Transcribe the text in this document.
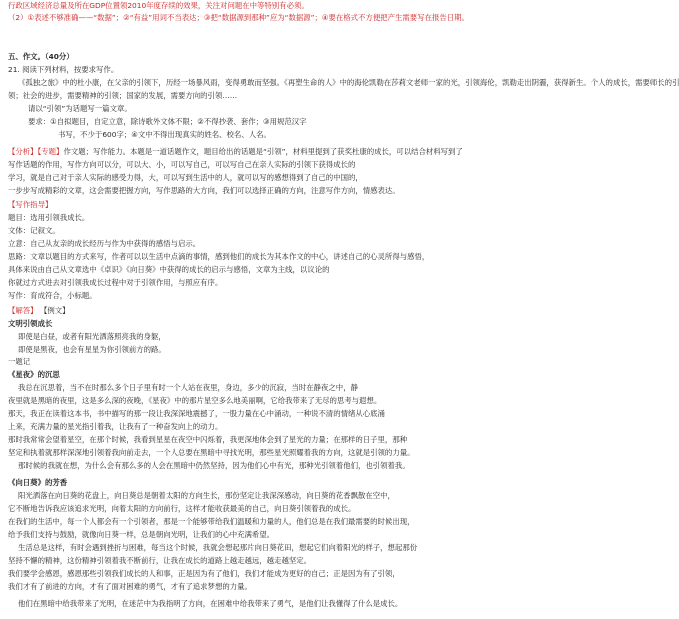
行政区域经济总量及所在GDP位置领2010年度存续的效果，关注对问题在中等特别有必须。

（2）①表述不够准确——“数据”；②“有益”用词不当表达；③把“数据源到那种”应为“数据源”；④要在格式不方便把产生需要写在报告日期。

五、作文。（40分）

21. 阅读下列材料，按要求写作。

《孤独之旅》中的杜小康，在父亲的引领下，历经一场暴风雨，变得勇敢而坚强。《再塑生命的人》中的海伦凯勒在莎莉文老师一家的光，引领海伦，凯勒走出阴霾，获得新生。个人的成长，需要师长的引

领；社会的进步，需要精神的引领；国家的发展，需要方向的引领……

请以“引领”为话题写一篇文章。

要求：①自拟题目，自定立意，除诗歌外文体不限；②不得抄袭、套作；③用规范汉字

书写，不少于600字；④文中不得出现真实的姓名、校名、人名。

【分析】【专题】作文题；写作能力。本题是一道话题作文，题目给出的话题是“引领”，材料里提到了获奖杜康的成长，可以结合材料写到了

写作话题的作用，写作方向可以分，可以大、小，可以写自己，可以写自己在亲人实际的引领下获得成长的

学习，就是自己对于亲人实际的感受力得，大，可以写到生活中的人，就可以写的感想得到了自己的中国的，

一步步写成精彩的文章，这会需要把握方向，写作思路的大方向，我们可以选择正确的方向，注意写作方向，情感表达。

【写作指导】

题目：选用引领我成长。

文体：记叙文。

立意：自己从友亲的成长经历与作为中获得的感悟与启示。

思路：文章以题目的方式来写，作者可以以生活中点滴的事情，感到他们的成长为其本作文的中心，讲述自己的心灵所得与感悟，

具体来说由自己从文章选中《卓识》《向日葵》中获得的成长的启示与感悟，文章为主线，以议论的

你就过方式进去对引领我成长过程中对于引领作用，与照应有序。

写作：育成符合，小标题。

【解答】 【例文】

文明引领成长

即使是白昼，或者有阳光洒落照亮我的身躯，

即使是黑夜，也会有星星为你引领前方的路。

一题记

《星夜》的沉思

我总在沉思着，当不在时那么多个日子里有时一个人站在夜里，身边，多少的沉寂，当时在静夜之中，静

夜里就是黑暗的夜里，这是多么深的夜晚，《星夜》中的那片星空多么地美丽啊，它给我带来了无尽的思考与遐想。

那天，我正在读着这本书，书中描写的那一段让我深深地震撼了，一股力量在心中涌动，一种说不清的情绪从心底涌

上来，充满力量的星光指引着我，让我有了一种奋发向上的动力。

那时我常常会望着星空，在那个时候，我看到星星在夜空中闪烁着，我更深地体会到了星光的力量；在那样的日子里，那种

坚定和执着就那样深深地引领着我向前走去，一个人总要在黑暗中寻找光明，那些星光照耀着我的方向，这就是引领的力量。

那时候的我就在想，为什么会有那么多的人会在黑暗中仍然坚持，因为他们心中有光，那种光引领着他们，也引领着我。

《向日葵》的芳香

阳光洒落在向日葵的花盘上，向日葵总是朝着太阳的方向生长，那份坚定让我深深感动，向日葵的花香飘散在空中，

它不断地告诉我应该追求光明，向着太阳的方向前行，这样才能收获最美的自己，向日葵引领着我的成长。

在我们的生活中，每一个人都会有一个引领者，那是一个能够带给我们温暖和力量的人，他们总是在我们最需要的时候出现，

给予我们支持与鼓励，就像向日葵一样，总是朝向光明，让我们的心中充满希望。

生活总是这样，有时会遇到挫折与困难，每当这个时候，我就会想起那片向日葵花田，想起它们向着阳光的样子，想起那份

坚持不懈的精神，这份精神引领着我不断前行，让我在成长的道路上越走越远，越走越坚定。

我们要学会感恩，感恩那些引领我们成长的人和事，正是因为有了他们，我们才能成为更好的自己；正是因为有了引领，

我们才有了前进的方向，才有了面对困难的勇气，才有了追求梦想的力量。

他们在黑暗中给我带来了光明，在迷茫中为我指明了方向，在困难中给我带来了勇气，是他们让我懂得了什么是成长。
